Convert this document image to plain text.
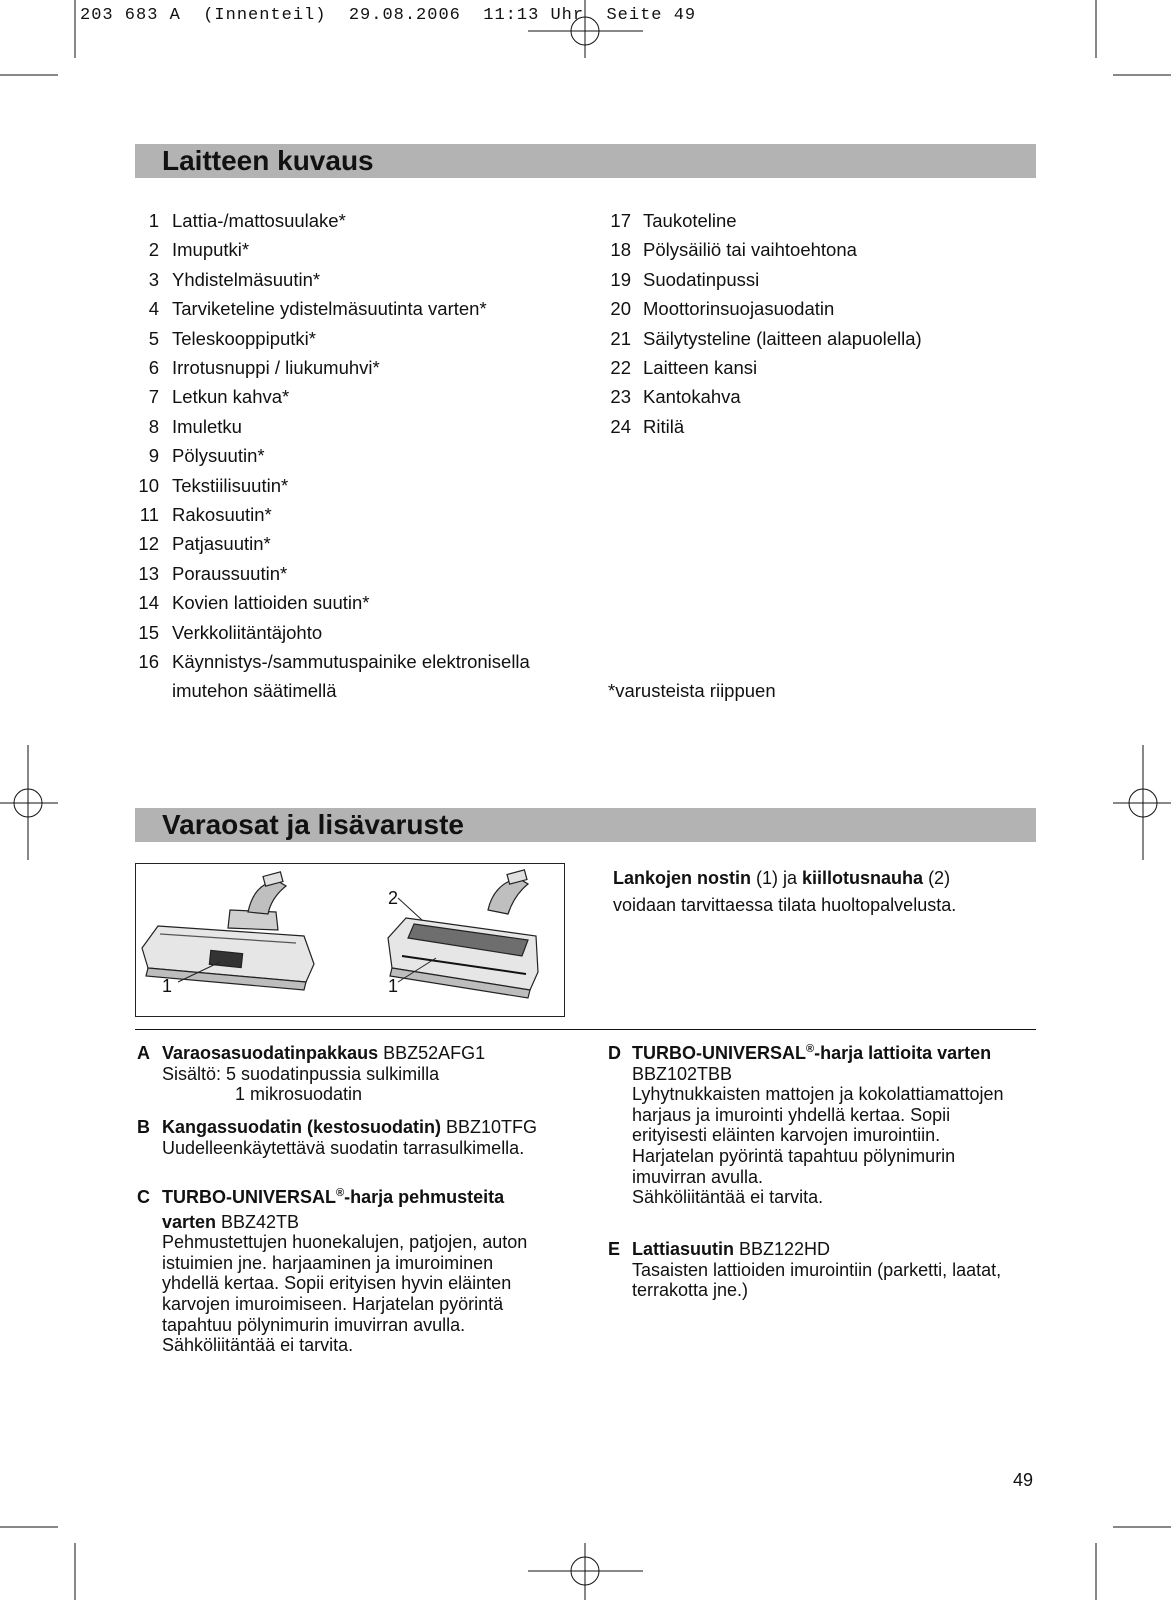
203 683 A  (Innenteil)  29.08.2006  11:13 Uhr  Seite 49
Laitteen kuvaus
1 Lattia-/mattosuulake*
2 Imuputki*
3 Yhdistelmäsuutin*
4 Tarviketeline ydistelmäsuutinta varten*
5 Teleskooppiputki*
6 Irrotusnuppi / liukumuhvi*
7 Letkun kahva*
8 Imuletku
9 Pölysuutin*
10 Tekstiilisuutin*
11 Rakosuutin*
12 Patjasuutin*
13 Poraussuutin*
14 Kovien lattioiden suutin*
15 Verkkoliitäntäjohto
16 Käynnistys-/sammutuspainike elektronisella
imutehon säätimellä
17 Taukoteline
18 Pölysäiliö tai vaihtoehtona
19 Suodatinpussi
20 Moottorinsuojasuodatin
21 Säilytysteline (laitteen alapuolella)
22 Laitteen kansi
23 Kantokahva
24 Ritilä
*varusteista riippuen
Varaosat ja lisävaruste
1
2
1
Lankojen nostin (1) ja kiillotusnauha (2)
voidaan tarvittaessa tilata huoltopalvelusta.
A Varaosasuodatinpakkaus BBZ52AFG1
Sisältö: 5 suodatinpussia sulkimilla
1 mikrosuodatin
B Kangassuodatin (kestosuodatin) BBZ10TFG
Uudelleenkäytettävä suodatin tarrasulkimella.
C TURBO-UNIVERSAL®-harja pehmusteita
varten BBZ42TB
Pehmustettujen huonekalujen, patjojen, auton
istuimien jne. harjaaminen ja imuroiminen
yhdellä kertaa. Sopii erityisen hyvin eläinten
karvojen imuroimiseen. Harjatelan pyörintä
tapahtuu pölynimurin imuvirran avulla.
Sähköliitäntää ei tarvita.
D TURBO-UNIVERSAL®-harja lattioita varten
BBZ102TBB
Lyhytnukkaisten mattojen ja kokolattiamattojen
harjaus ja imurointi yhdellä kertaa. Sopii
erityisesti eläinten karvojen imurointiin.
Harjatelan pyörintä tapahtuu pölynimurin
imuvirran avulla.
Sähköliitäntää ei tarvita.
E Lattiasuutin BBZ122HD
Tasaisten lattioiden imurointiin (parketti, laatat,
terrakotta jne.)
49
